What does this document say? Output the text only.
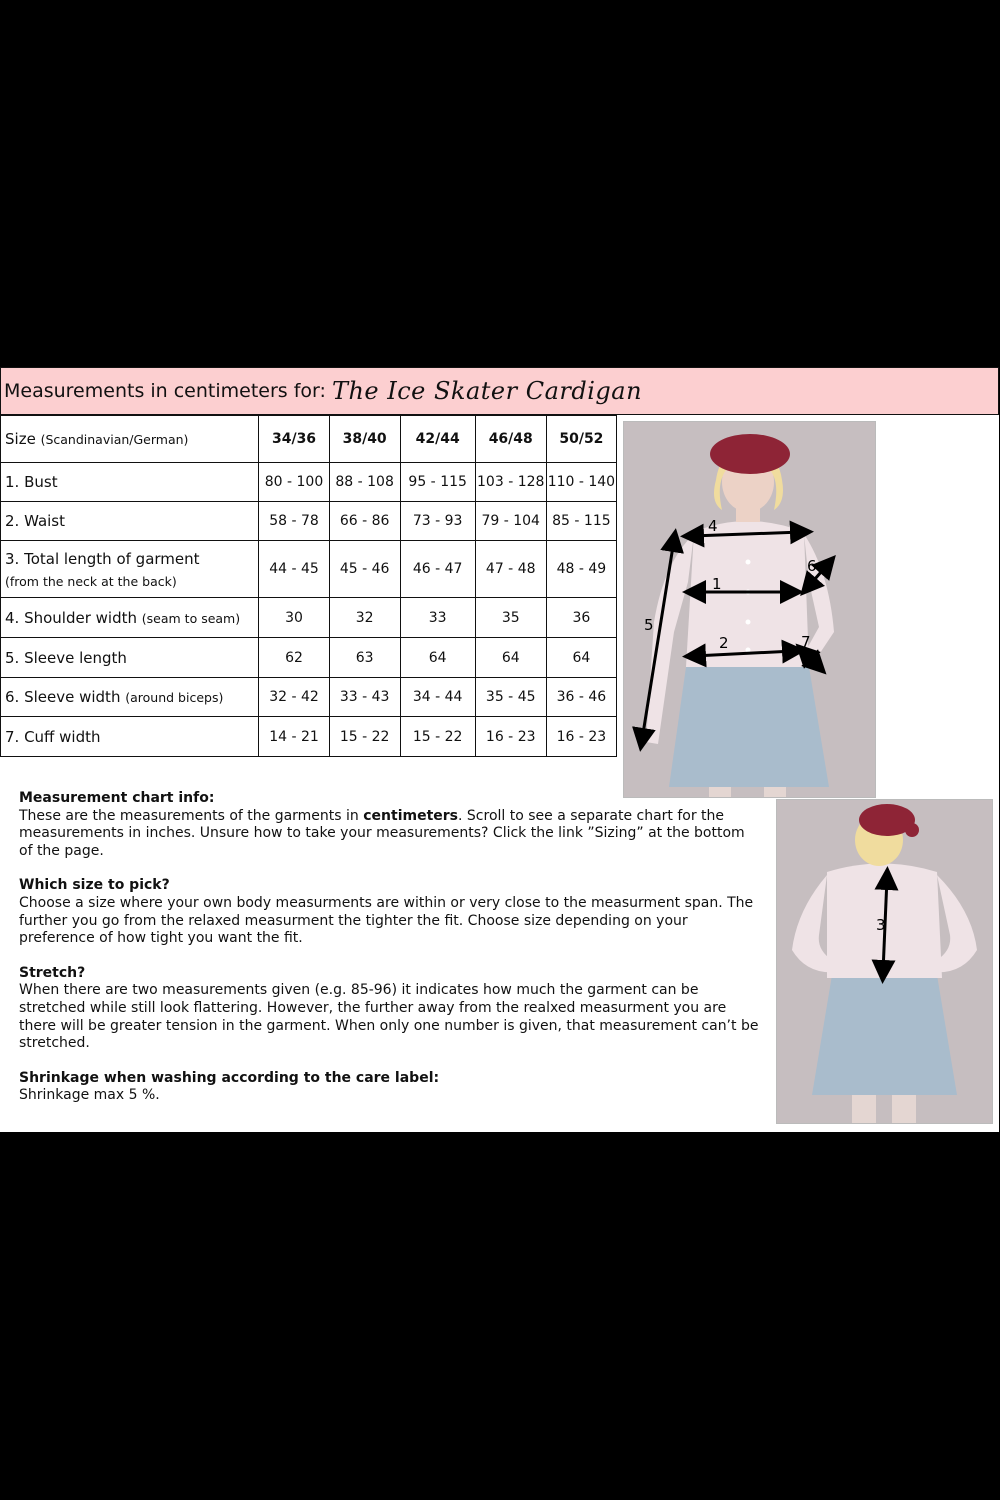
Measurements in centimeters for: The Ice Skater Cardigan
Size (Scandinavian/German)	34/36	38/40	42/44	46/48	50/52
1. Bust	80 - 100	88 - 108	95 - 115	103 - 128	110 - 140
2. Waist	58 - 78	66 - 86	73 - 93	79 - 104	85 - 115
3. Total length of garment
(from the neck at the back)	44 - 45	45 - 46	46 - 47	47 - 48	48 - 49
4. Shoulder width (seam to seam)	30	32	33	35	36
5. Sleeve length	62	63	64	64	64
6. Sleeve width (around biceps)	32 - 42	33 - 43	34 - 44	35 - 45	36 - 46
7. Cuff width	14 - 21	15 - 22	15 - 22	16 - 23	16 - 23
4
1
2
5
6
7
3

Measurement chart info:
These are the measurements of the garments in centimeters. Scroll to see a separate chart for the measurements in inches. Unsure how to take your measurements? Click the link ”Sizing” at the bottom of the page.

Which size to pick?
Choose a size where your own body measurments are within or very close to the measurment span. The further you go from the relaxed measurment the tighter the fit. Choose size depending on your preference of how tight you want the fit.

Stretch?
When there are two measurements given (e.g. 85-96) it indicates how much the garment can be stretched while still look flattering. However, the further away from the realxed measurment you are there will be greater tension in the garment. When only one number is given, that measurement can’t be stretched.

Shrinkage when washing according to the care label:
Shrinkage max 5 %.
